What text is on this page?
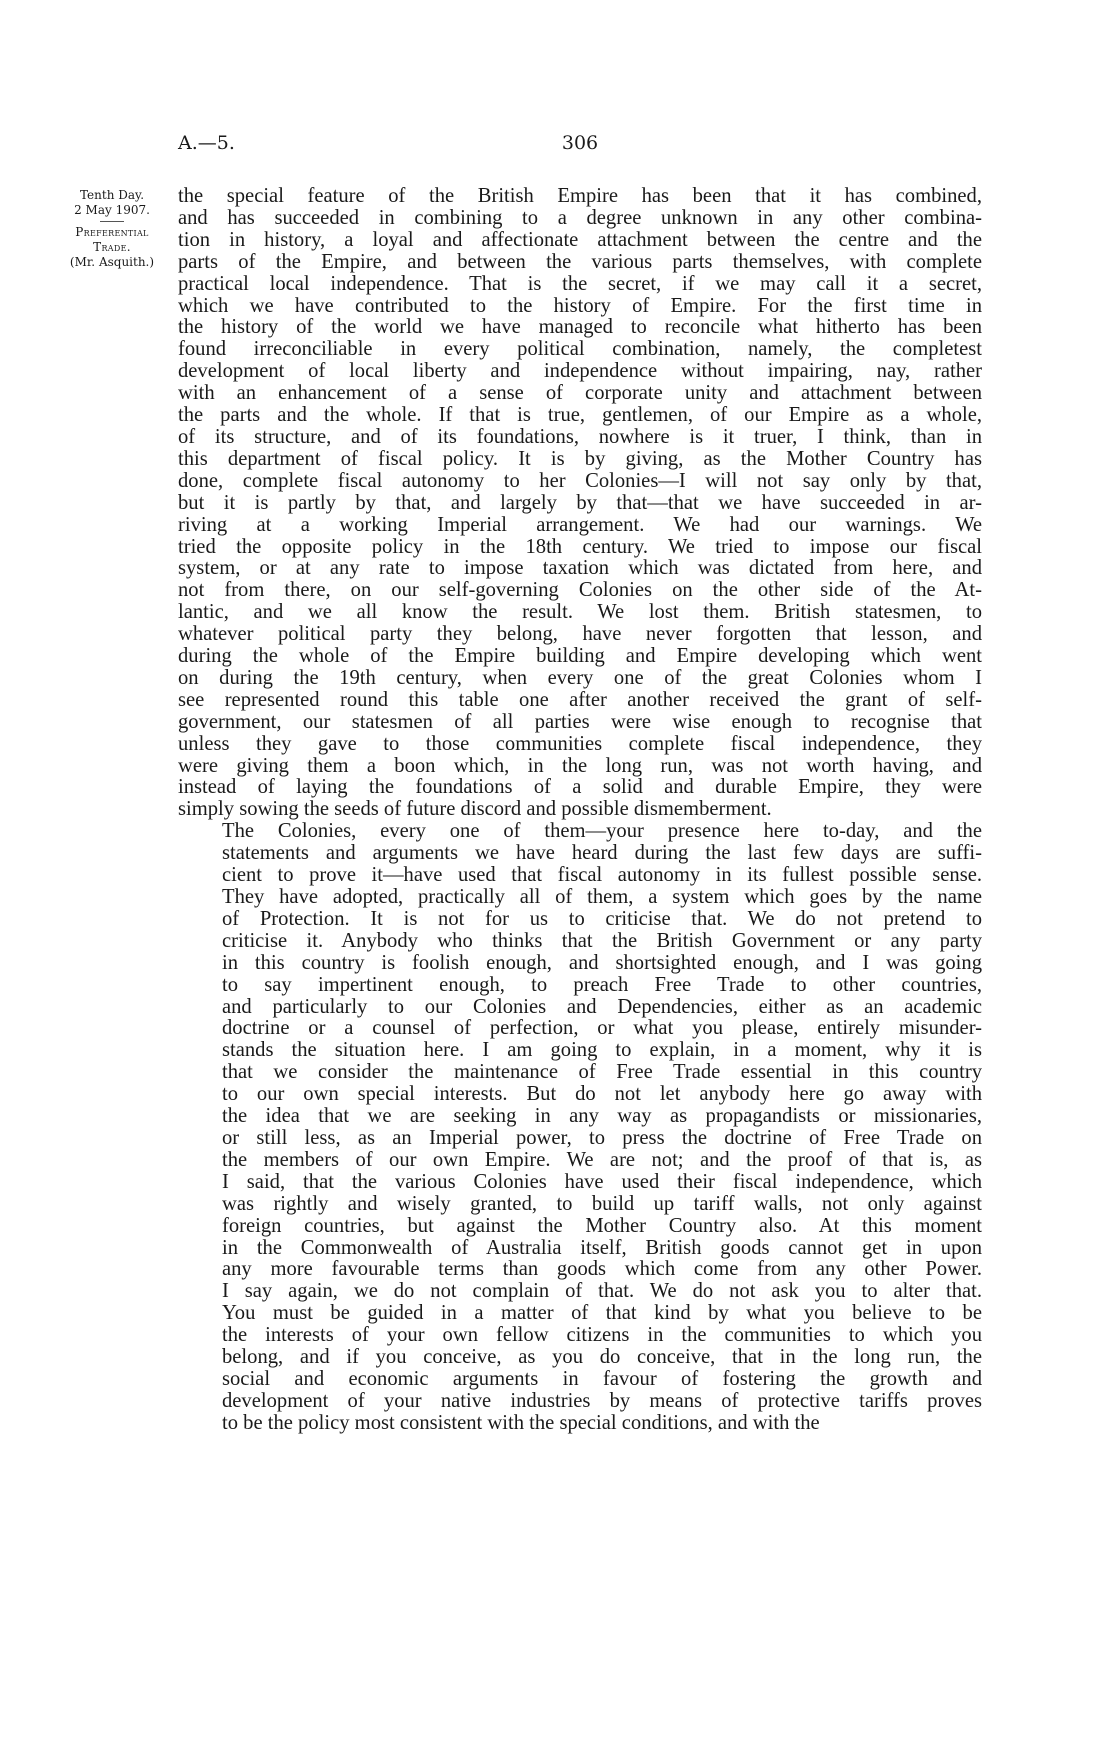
A.—5.	306
Tenth Day.
2 May 1907.
Preferential
Trade.
(Mr. Asquith.)

the special feature of the British Empire has been that it has combined,
and has succeeded in combining to a degree unknown in any other combina-
tion in history, a loyal and affectionate attachment between the centre and the
parts of the Empire, and between the various parts themselves, with complete
practical local independence. That is the secret, if we may call it a secret,
which we have contributed to the history of Empire. For the first time in
the history of the world we have managed to reconcile what hitherto has been
found irreconciliable in every political combination, namely, the completest
development of local liberty and independence without impairing, nay, rather
with an enhancement of a sense of corporate unity and attachment between
the parts and the whole. If that is true, gentlemen, of our Empire as a whole,
of its structure, and of its foundations, nowhere is it truer, I think, than in
this department of fiscal policy. It is by giving, as the Mother Country has
done, complete fiscal autonomy to her Colonies—I will not say only by that,
but it is partly by that, and largely by that—that we have succeeded in ar-
riving at a working Imperial arrangement. We had our warnings. We
tried the opposite policy in the 18th century. We tried to impose our fiscal
system, or at any rate to impose taxation which was dictated from here, and
not from there, on our self-governing Colonies on the other side of the At-
lantic, and we all know the result. We lost them. British statesmen, to
whatever political party they belong, have never forgotten that lesson, and
during the whole of the Empire building and Empire developing which went
on during the 19th century, when every one of the great Colonies whom I
see represented round this table one after another received the grant of self-
government, our statesmen of all parties were wise enough to recognise that
unless they gave to those communities complete fiscal independence, they
were giving them a boon which, in the long run, was not worth having, and
instead of laying the foundations of a solid and durable Empire, they were
simply sowing the seeds of future discord and possible dismemberment.

The Colonies, every one of them—your presence here to-day, and the
statements and arguments we have heard during the last few days are suffi-
cient to prove it—have used that fiscal autonomy in its fullest possible sense.
They have adopted, practically all of them, a system which goes by the name
of Protection. It is not for us to criticise that. We do not pretend to
criticise it. Anybody who thinks that the British Government or any party
in this country is foolish enough, and shortsighted enough, and I was going
to say impertinent enough, to preach Free Trade to other countries,
and particularly to our Colonies and Dependencies, either as an academic
doctrine or a counsel of perfection, or what you please, entirely misunder-
stands the situation here. I am going to explain, in a moment, why it is
that we consider the maintenance of Free Trade essential in this country
to our own special interests. But do not let anybody here go away with
the idea that we are seeking in any way as propagandists or missionaries,
or still less, as an Imperial power, to press the doctrine of Free Trade on
the members of our own Empire. We are not; and the proof of that is, as
I said, that the various Colonies have used their fiscal independence, which
was rightly and wisely granted, to build up tariff walls, not only against
foreign countries, but against the Mother Country also. At this moment
in the Commonwealth of Australia itself, British goods cannot get in upon
any more favourable terms than goods which come from any other Power.
I say again, we do not complain of that. We do not ask you to alter that.
You must be guided in a matter of that kind by what you believe to be
the interests of your own fellow citizens in the communities to which you
belong, and if you conceive, as you do conceive, that in the long run, the
social and economic arguments in favour of fostering the growth and
development of your native industries by means of protective tariffs proves
to be the policy most consistent with the special conditions, and with the
